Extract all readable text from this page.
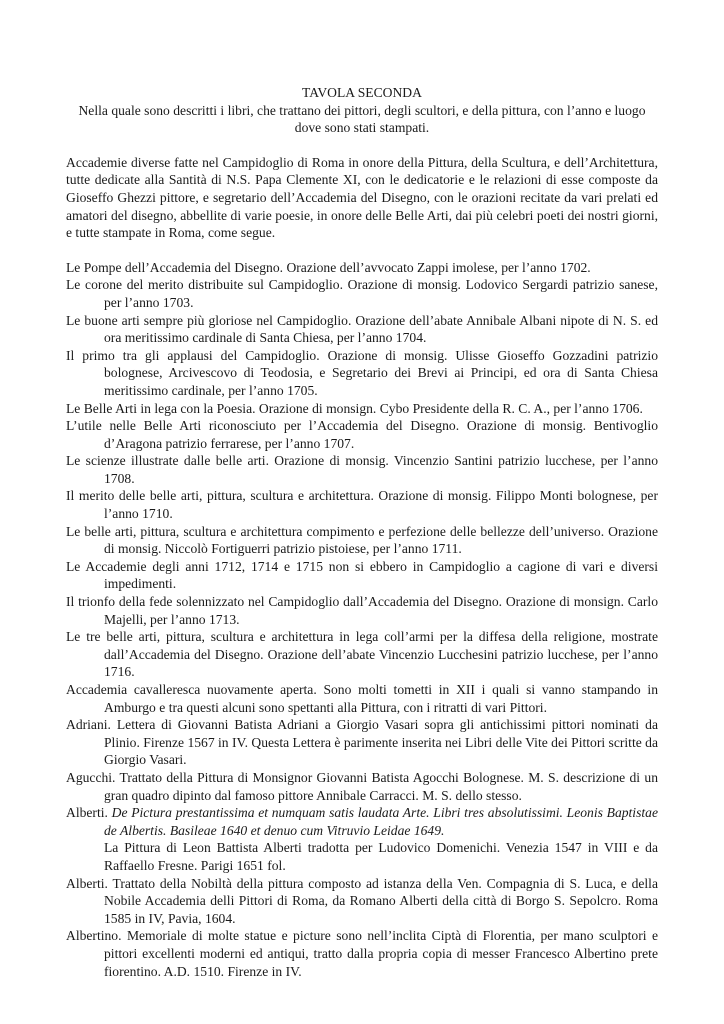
TAVOLA SECONDA

Nella quale sono descritti i libri, che trattano dei pittori, degli scultori, e della pittura, con l’anno e luogo dove sono stati stampati.

Accademie diverse fatte nel Campidoglio di Roma in onore della Pittura, della Scultura, e dell’Architettura, tutte dedicate alla Santità di N.S. Papa Clemente XI, con le dedicatorie e le relazioni di esse composte da Gioseffo Ghezzi pittore, e segretario dell’Accademia del Disegno, con le orazioni recitate da vari prelati ed amatori del disegno, abbellite di varie poesie, in onore delle Belle Arti, dai più celebri poeti dei nostri giorni, e tutte stampate in Roma, come segue.

Le Pompe dell’Accademia del Disegno. Orazione dell’avvocato Zappi imolese, per l’anno 1702.

Le corone del merito distribuite sul Campidoglio. Orazione di monsig. Lodovico Sergardi patrizio sanese, per l’anno 1703.

Le buone arti sempre più gloriose nel Campidoglio. Orazione dell’abate Annibale Albani nipote di N. S. ed ora meritissimo cardinale di Santa Chiesa, per l’anno 1704.

Il primo tra gli applausi del Campidoglio. Orazione di monsig. Ulisse Gioseffo Gozzadini patrizio bolognese, Arcivescovo di Teodosia, e Segretario dei Brevi ai Principi, ed ora di Santa Chiesa meritissimo cardinale, per l’anno 1705.

Le Belle Arti in lega con la Poesia. Orazione di monsign. Cybo Presidente della R. C. A., per l’anno 1706.

L’utile nelle Belle Arti riconosciuto per l’Accademia del Disegno. Orazione di monsig. Bentivoglio d’Aragona patrizio ferrarese, per l’anno 1707.

Le scienze illustrate dalle belle arti. Orazione di monsig. Vincenzio Santini patrizio lucchese, per l’anno 1708.

Il merito delle belle arti, pittura, scultura e architettura. Orazione di monsig. Filippo Monti bolognese, per l’anno 1710.

Le belle arti, pittura, scultura e architettura compimento e perfezione delle bellezze dell’universo. Orazione di monsig. Niccolò Fortiguerri patrizio pistoiese, per l’anno 1711.

Le Accademie degli anni 1712, 1714 e 1715 non si ebbero in Campidoglio a cagione di vari e diversi impedimenti.

Il trionfo della fede solennizzato nel Campidoglio dall’Accademia del Disegno. Orazione di monsign. Carlo Majelli, per l’anno 1713.

Le tre belle arti, pittura, scultura e architettura in lega coll’armi per la diffesa della religione, mostrate dall’Accademia del Disegno. Orazione dell’abate Vincenzio Lucchesini patrizio lucchese, per l’anno 1716.

Accademia cavalleresca nuovamente aperta. Sono molti tometti in XII i quali si vanno stampando in Amburgo e tra questi alcuni sono spettanti alla Pittura, con i ritratti di vari Pittori.

Adriani. Lettera di Giovanni Batista Adriani a Giorgio Vasari sopra gli antichissimi pittori nominati da Plinio. Firenze 1567 in IV. Questa Lettera è parimente inserita nei Libri delle Vite dei Pittori scritte da Giorgio Vasari.

Agucchi. Trattato della Pittura di Monsignor Giovanni Batista Agocchi Bolognese. M. S. descrizione di un gran quadro dipinto dal famoso pittore Annibale Carracci. M. S. dello stesso.

Alberti. De Pictura prestantissima et numquam satis laudata Arte. Libri tres absolutissimi. Leonis Baptistae de Albertis. Basileae 1640 et denuo cum Vitruvio Leidae 1649.

La Pittura di Leon Battista Alberti tradotta per Ludovico Domenichi. Venezia 1547 in VIII e da Raffaello Fresne. Parigi 1651 fol.

Alberti. Trattato della Nobiltà della pittura composto ad istanza della Ven. Compagnia di S. Luca, e della Nobile Accademia delli Pittori di Roma, da Romano Alberti della città di Borgo S. Sepolcro. Roma 1585 in IV, Pavia, 1604.

Albertino. Memoriale di molte statue e picture sono nell’inclita Ciptà di Florentia, per mano sculptori e pittori excellenti moderni ed antiqui, tratto dalla propria copia di messer Francesco Albertino prete fiorentino. A.D. 1510. Firenze in IV.
